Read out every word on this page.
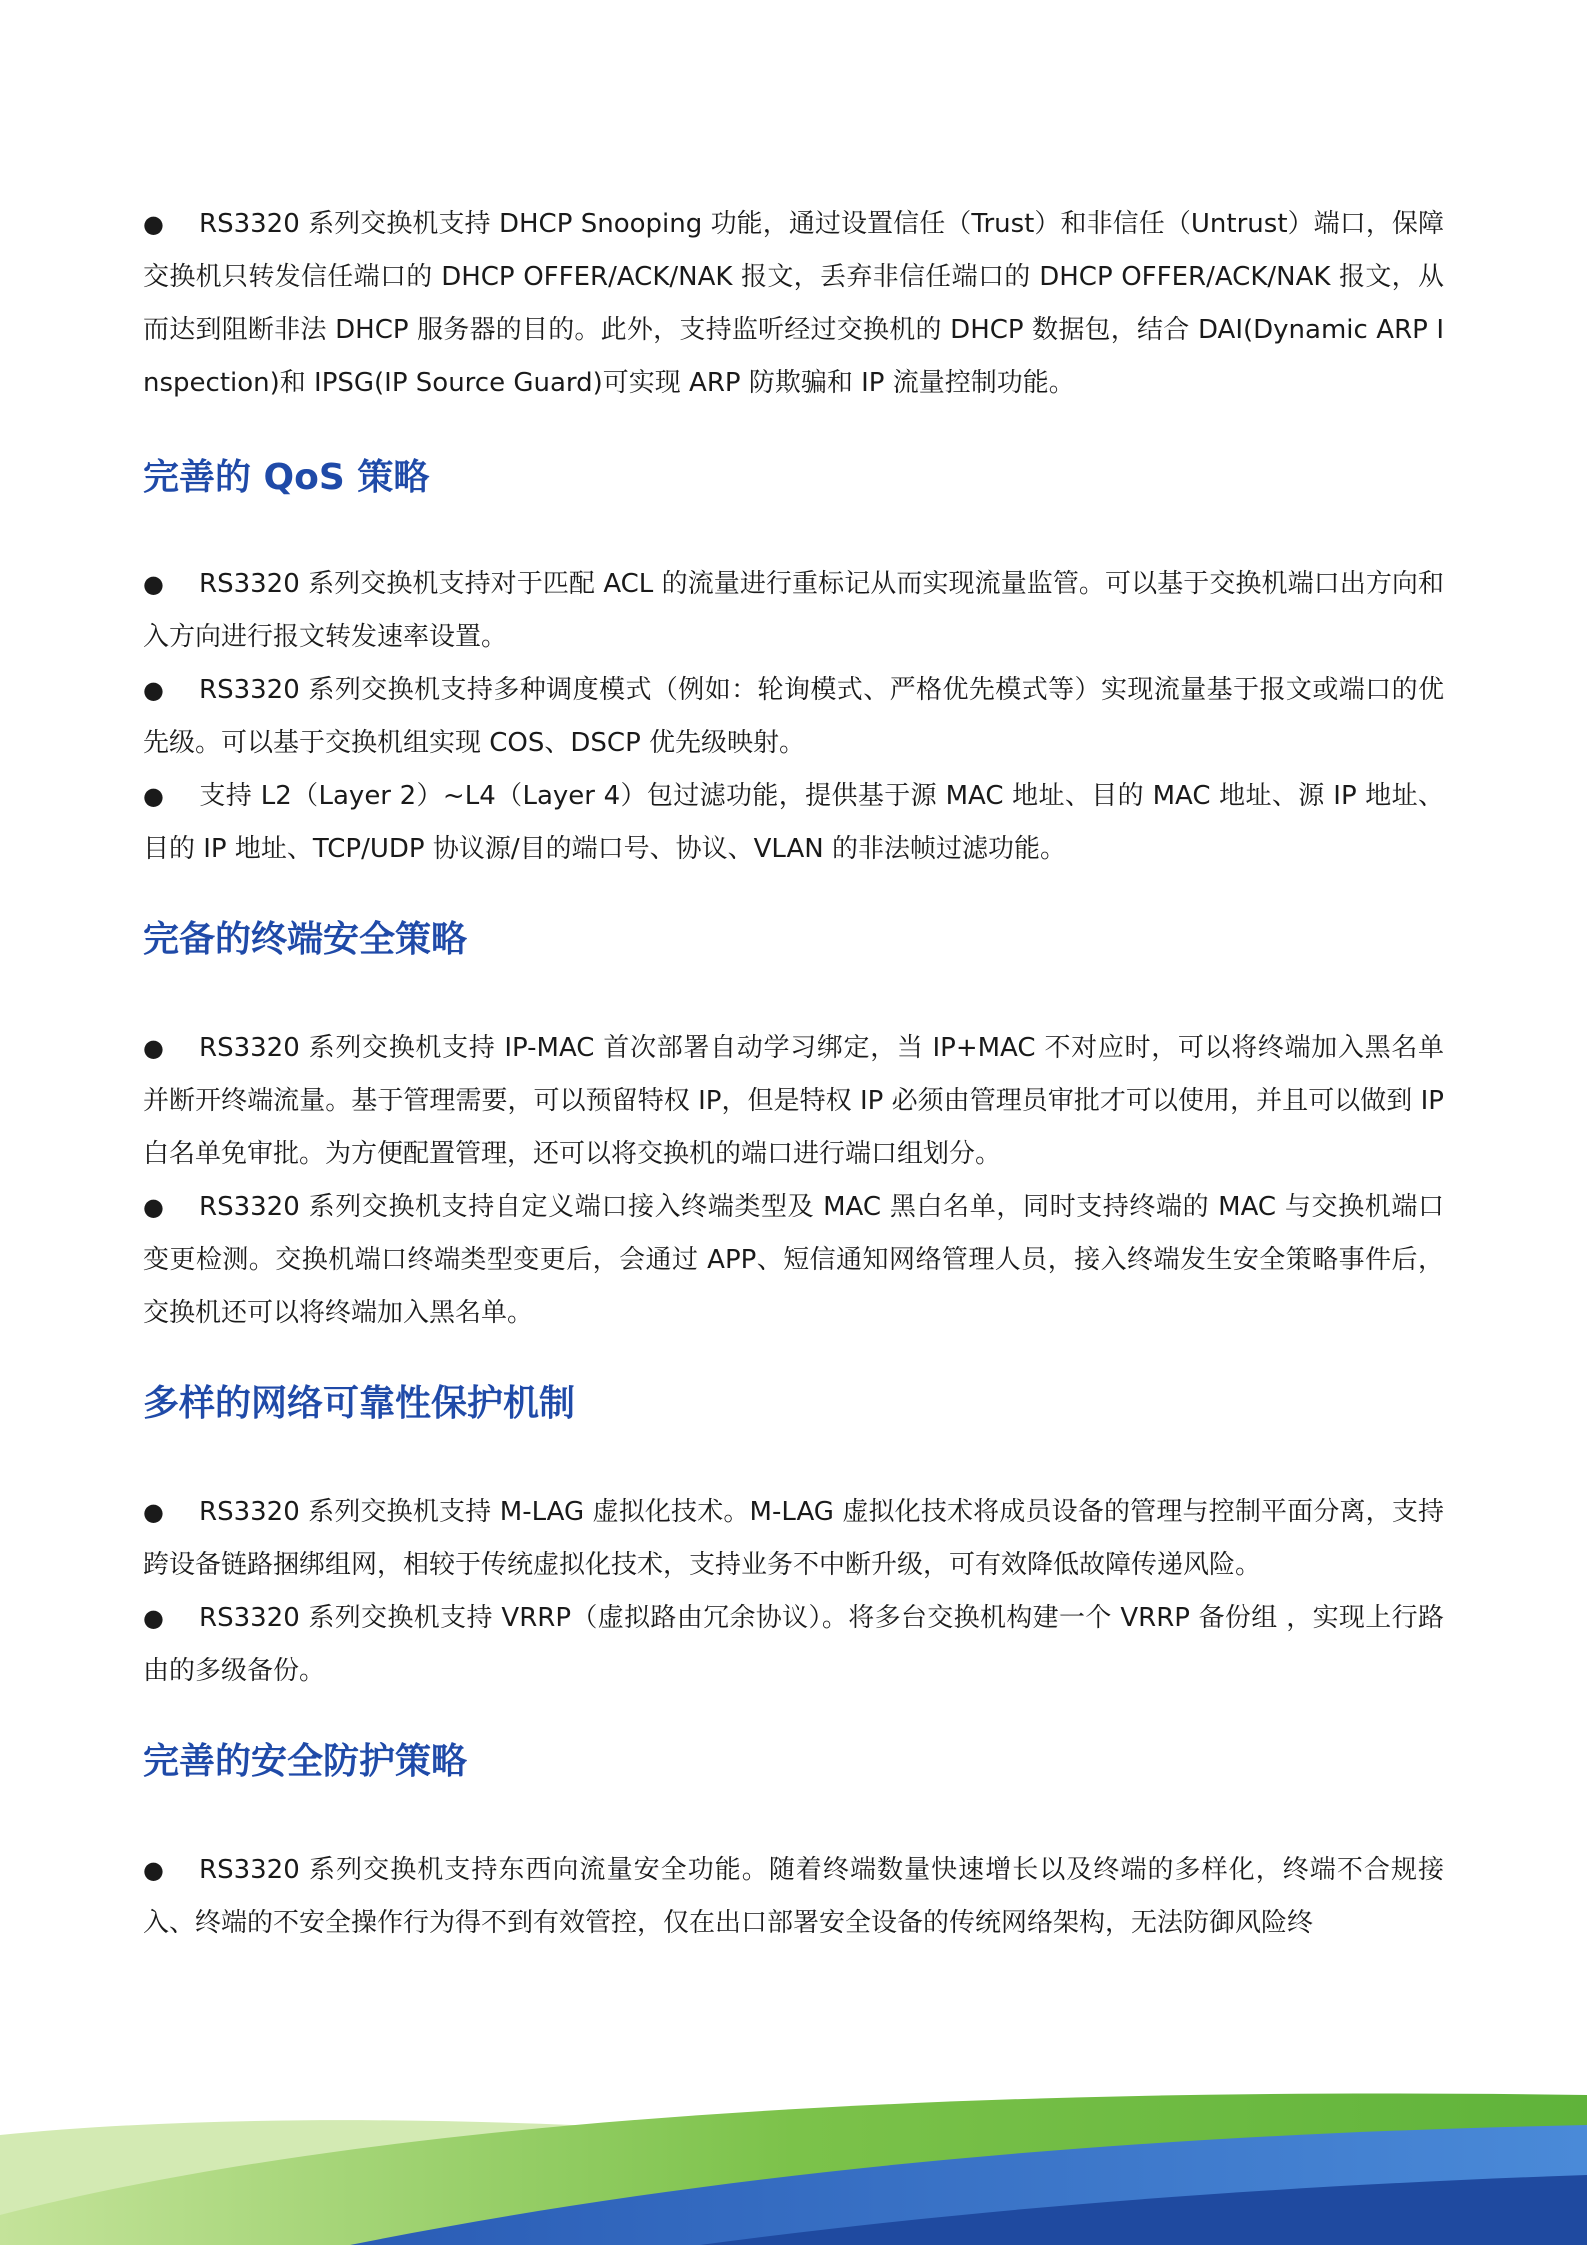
● RS3320 系列交换机支持 DHCP Snooping 功能，通过设置信任（Trust）和非信任（Untrust）端口，保障交换机只转发信任端口的 DHCP OFFER/ACK/NAK 报文，丢弃非信任端口的 DHCP OFFER/ACK/NAK 报文，从而达到阻断非法 DHCP 服务器的目的。此外，支持监听经过交换机的 DHCP 数据包，结合 DAI(Dynamic ARP Inspection)和 IPSG(IP Source Guard)可实现 ARP 防欺骗和 IP 流量控制功能。

完善的 QoS 策略

● RS3320 系列交换机支持对于匹配 ACL 的流量进行重标记从而实现流量监管。可以基于交换机端口出方向和入方向进行报文转发速率设置。

● RS3320 系列交换机支持多种调度模式（例如：轮询模式、严格优先模式等）实现流量基于报文或端口的优先级。可以基于交换机组实现 COS、DSCP 优先级映射。

● 支持 L2（Layer 2）~L4（Layer 4）包过滤功能，提供基于源 MAC 地址、目的 MAC 地址、源 IP 地址、目的 IP 地址、TCP/UDP 协议源/目的端口号、协议、VLAN 的非法帧过滤功能。

完备的终端安全策略

● RS3320 系列交换机支持 IP-MAC 首次部署自动学习绑定，当 IP+MAC 不对应时，可以将终端加入黑名单并断开终端流量。基于管理需要，可以预留特权 IP，但是特权 IP 必须由管理员审批才可以使用，并且可以做到 IP 白名单免审批。为方便配置管理，还可以将交换机的端口进行端口组划分。

● RS3320 系列交换机支持自定义端口接入终端类型及 MAC 黑白名单，同时支持终端的 MAC 与交换机端口变更检测。交换机端口终端类型变更后，会通过 APP、短信通知网络管理人员，接入终端发生安全策略事件后，交换机还可以将终端加入黑名单。

多样的网络可靠性保护机制

● RS3320 系列交换机支持 M-LAG 虚拟化技术。M-LAG 虚拟化技术将成员设备的管理与控制平面分离，支持跨设备链路捆绑组网，相较于传统虚拟化技术，支持业务不中断升级，可有效降低故障传递风险。

● RS3320 系列交换机支持 VRRP（虚拟路由冗余协议）。将多台交换机构建一个 VRRP 备份组 ，实现上行路由的多级备份。

完善的安全防护策略

● RS3320 系列交换机支持东西向流量安全功能。随着终端数量快速增长以及终端的多样化，终端不合规接入、终端的不安全操作行为得不到有效管控，仅在出口部署安全设备的传统网络架构，无法防御风险终
